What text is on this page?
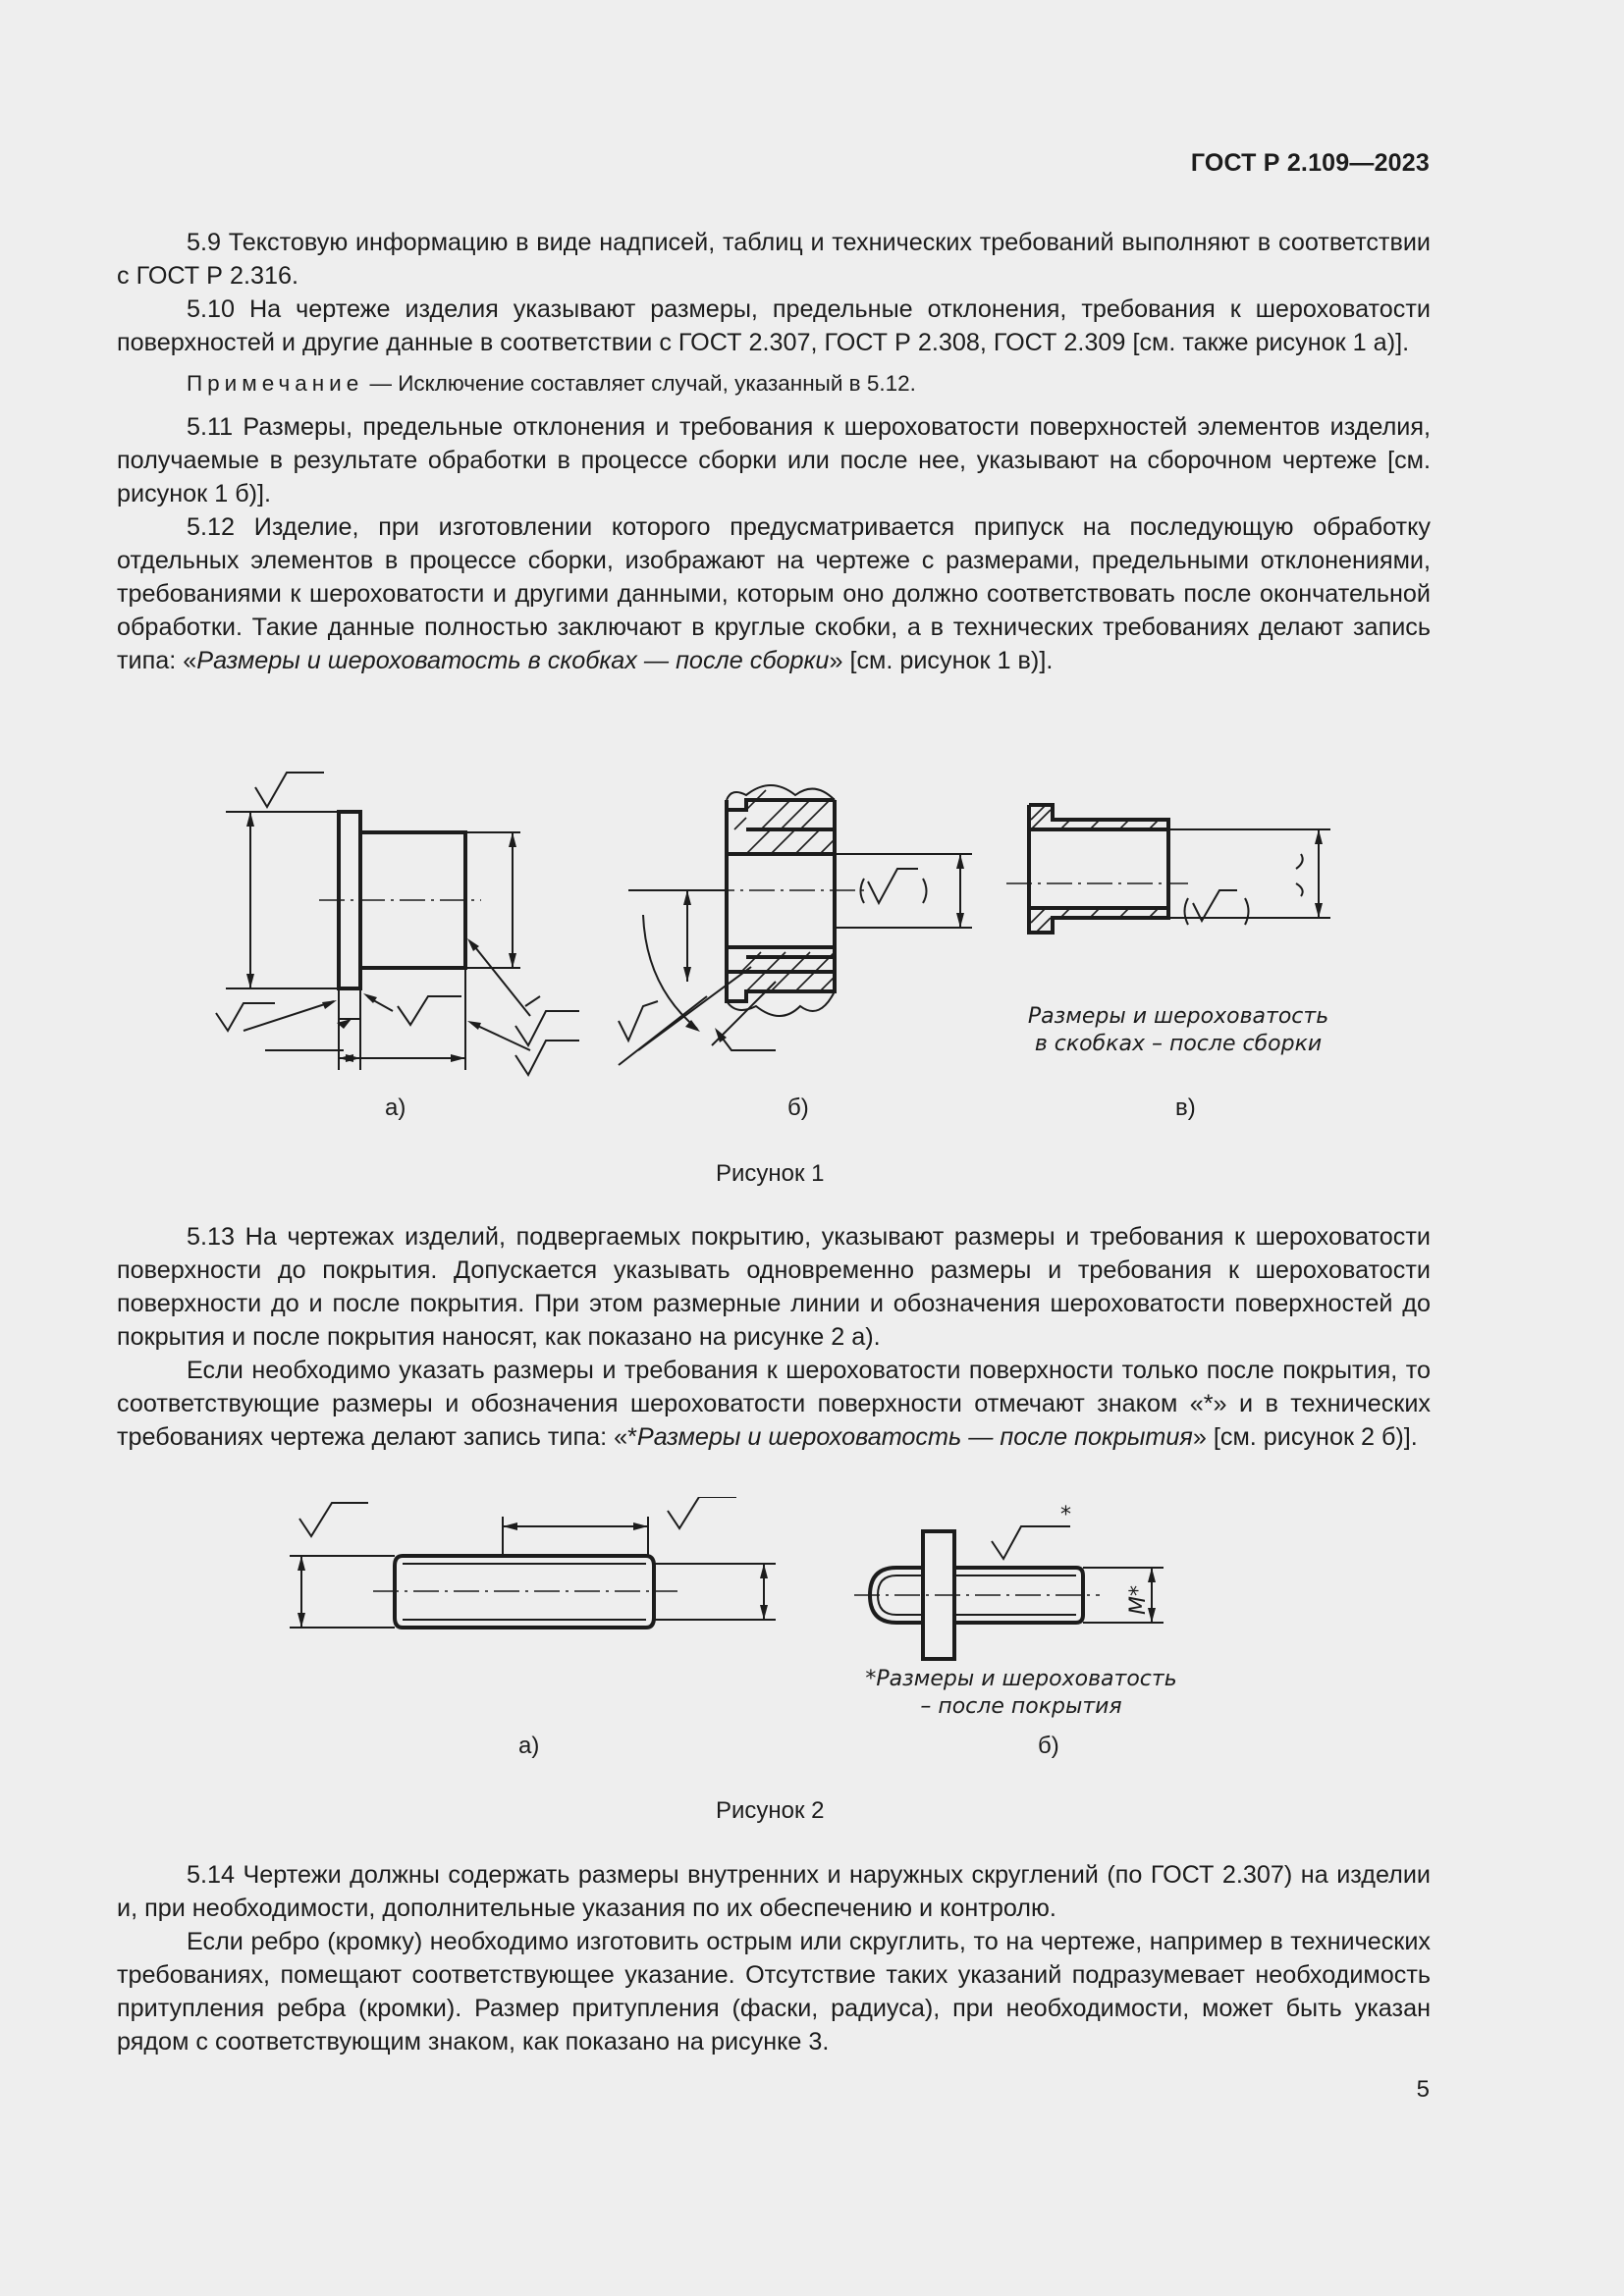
ГОСТ Р 2.109—2023

5.9 Текстовую информацию в виде надписей, таблиц и технических требований выполняют в соответствии с ГОСТ Р 2.316.

5.10 На чертеже изделия указывают размеры, предельные отклонения, требования к шероховатости поверхностей и другие данные в соответствии с ГОСТ 2.307, ГОСТ Р 2.308, ГОСТ 2.309 [см. также рисунок 1 а)].

Примечание — Исключение составляет случай, указанный в 5.12.

5.11 Размеры, предельные отклонения и требования к шероховатости поверхностей элементов изделия, получаемые в результате обработки в процессе сборки или после нее, указывают на сборочном чертеже [см. рисунок 1 б)].

5.12 Изделие, при изготовлении которого предусматривается припуск на последующую обработку отдельных элементов в процессе сборки, изображают на чертеже с размерами, предельными отклонениями, требованиями к шероховатости и другими данными, которым оно должно соответствовать после окончательной обработки. Такие данные полностью заключают в круглые скобки, а в технических требованиях делают запись типа: «Размеры и шероховатость в скобках — после сборки» [см. рисунок 1 в)].

Размеры и шероховатость
в скобках – после сборки
а)	б)	в)
Рисунок 1

5.13 На чертежах изделий, подвергаемых покрытию, указывают размеры и требования к шероховатости поверхности до покрытия. Допускается указывать одновременно размеры и требования к шероховатости поверхности до и после покрытия. При этом размерные линии и обозначения шероховатости поверхностей до покрытия и после покрытия наносят, как показано на рисунке 2 а).

Если необходимо указать размеры и требования к шероховатости поверхности только после покрытия, то соответствующие размеры и обозначения шероховатости поверхности отмечают знаком «*» и в технических требованиях чертежа делают запись типа: «*Размеры и шероховатость — после покрытия» [см. рисунок 2 б)].

*
М*
*Размеры и шероховатость
– после покрытия
а)	б)
Рисунок 2

5.14 Чертежи должны содержать размеры внутренних и наружных скруглений (по ГОСТ 2.307) на изделии и, при необходимости, дополнительные указания по их обеспечению и контролю.

Если ребро (кромку) необходимо изготовить острым или скруглить, то на чертеже, например в технических требованиях, помещают соответствующее указание. Отсутствие таких указаний подразумевает необходимость притупления ребра (кромки). Размер притупления (фаски, радиуса), при необходимости, может быть указан рядом с соответствующим знаком, как показано на рисунке 3.

5
